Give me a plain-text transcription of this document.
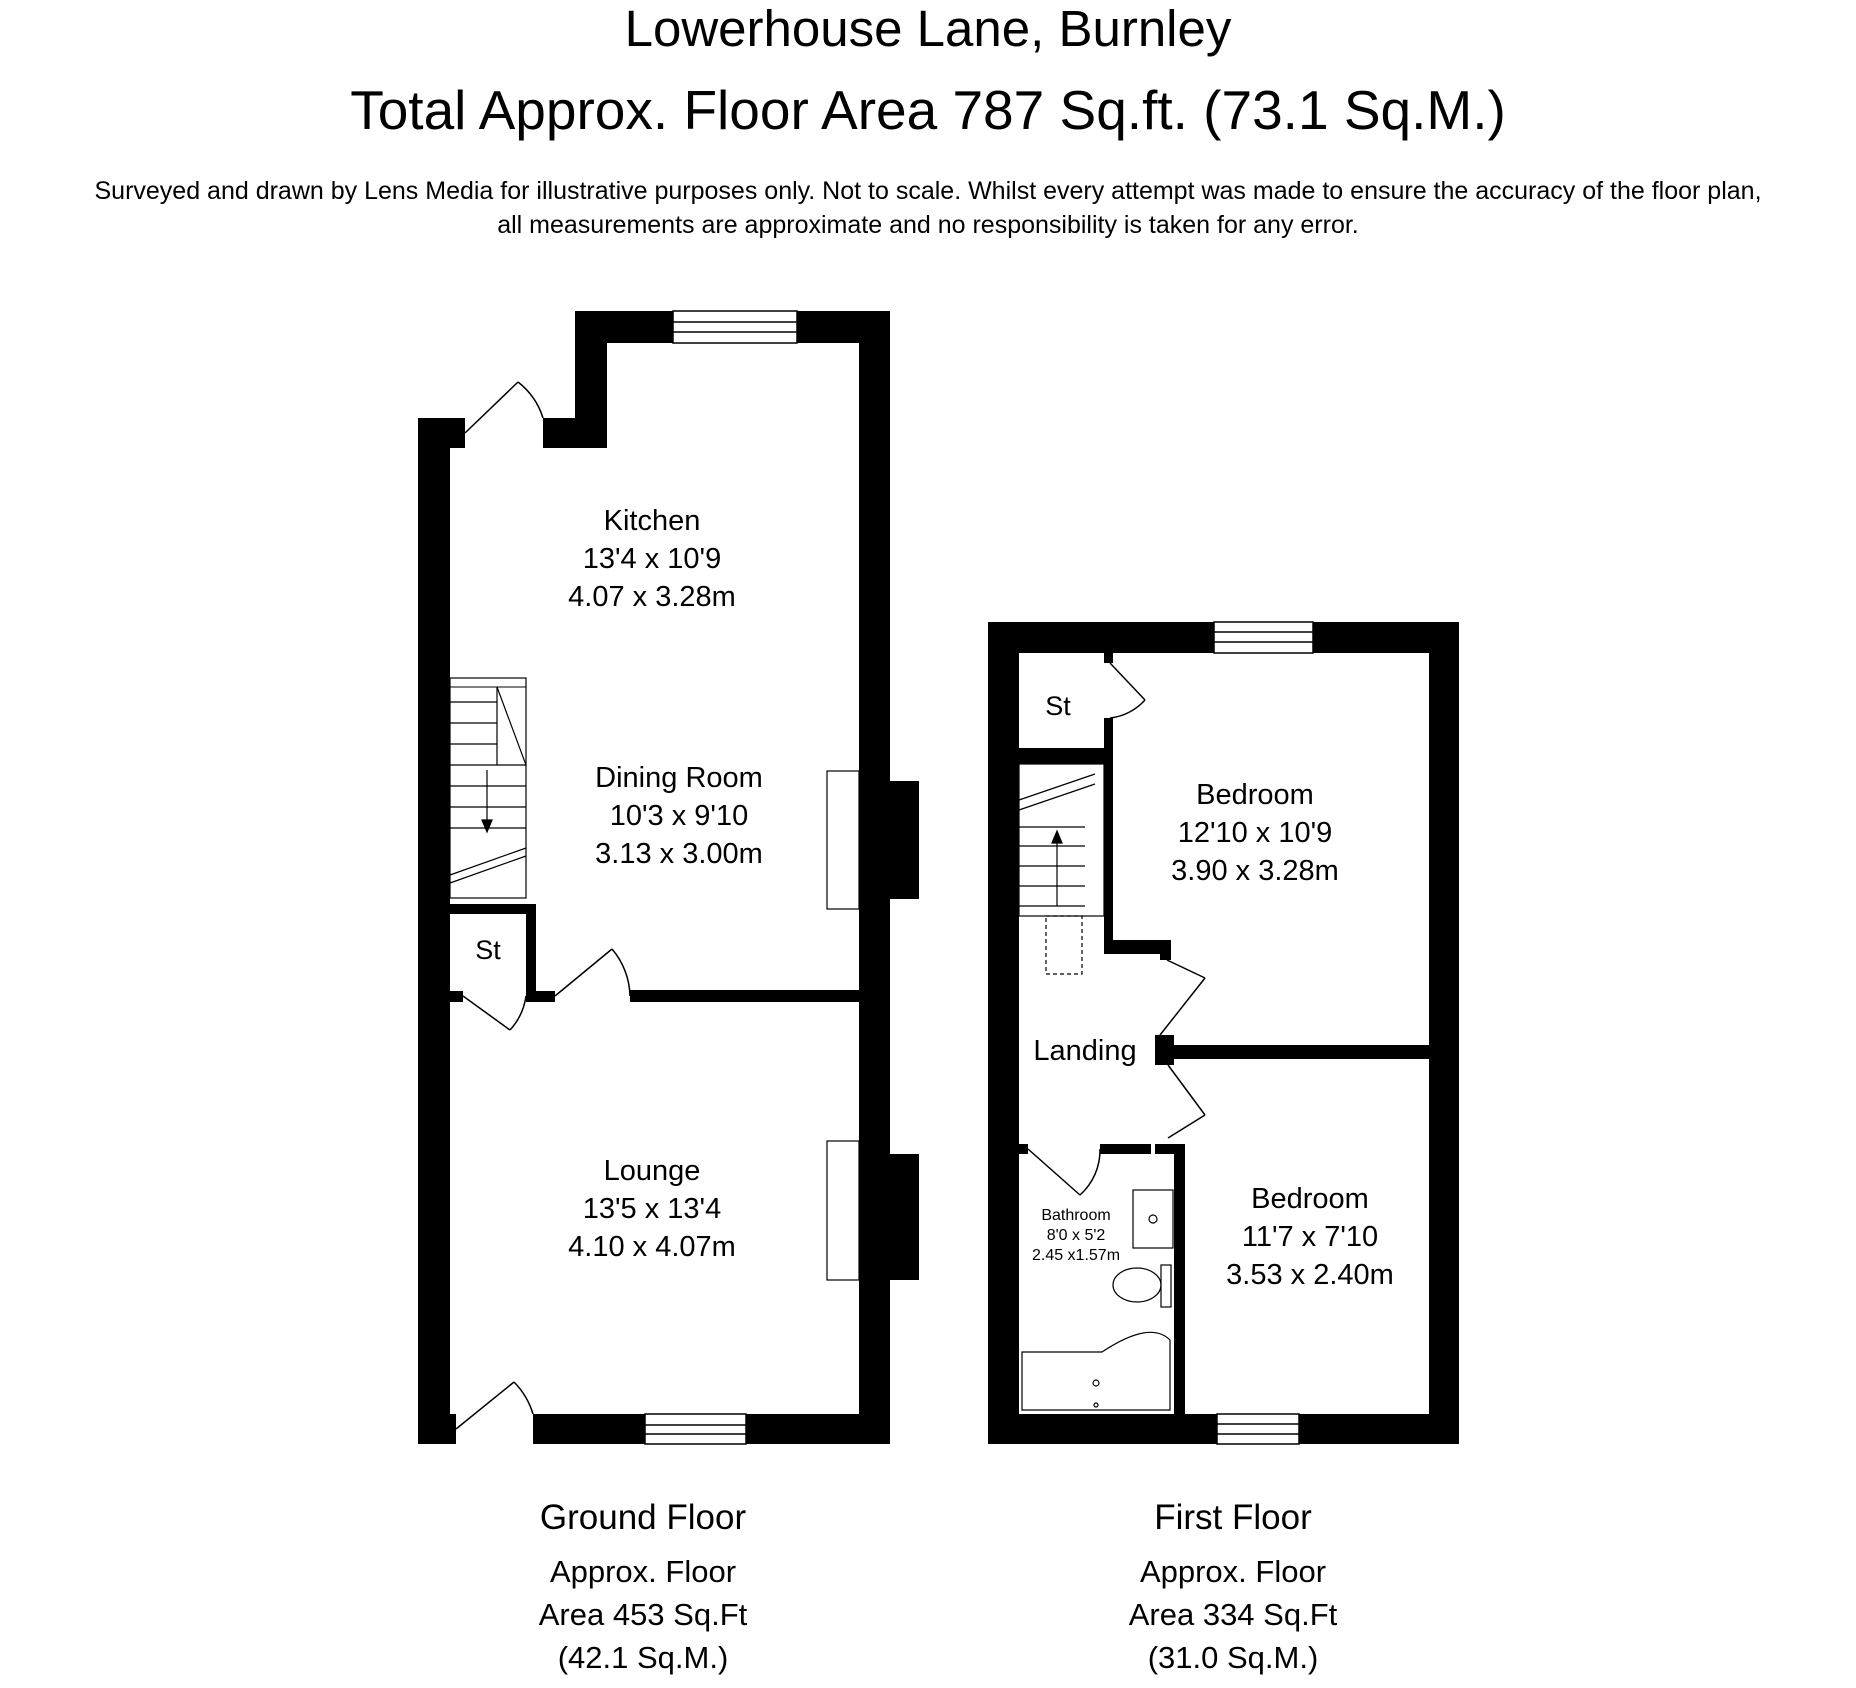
Lowerhouse Lane, Burnley
Total Approx. Floor Area 787 Sq.ft. (73.1 Sq.M.)
Surveyed and drawn by Lens Media for illustrative purposes only. Not to scale. Whilst every attempt was made to ensure the accuracy of the floor plan,
all measurements are approximate and no responsibility is taken for any error.
Kitchen
13'4 x 10'9
4.07 x 3.28m
Dining Room
10'3 x 9'10
3.13 x 3.00m
Lounge
13'5 x 13'4
4.10 x 4.07m
St
Bedroom
12'10 x 10'9
3.90 x 3.28m
Bedroom
11'7 x 7'10
3.53 x 2.40m
Bathroom
8'0 x 5'2
2.45 x1.57m
Landing
St
Ground Floor
Approx. Floor
Area 453 Sq.Ft
(42.1 Sq.M.)
First Floor
Approx. Floor
Area 334 Sq.Ft
(31.0 Sq.M.)
